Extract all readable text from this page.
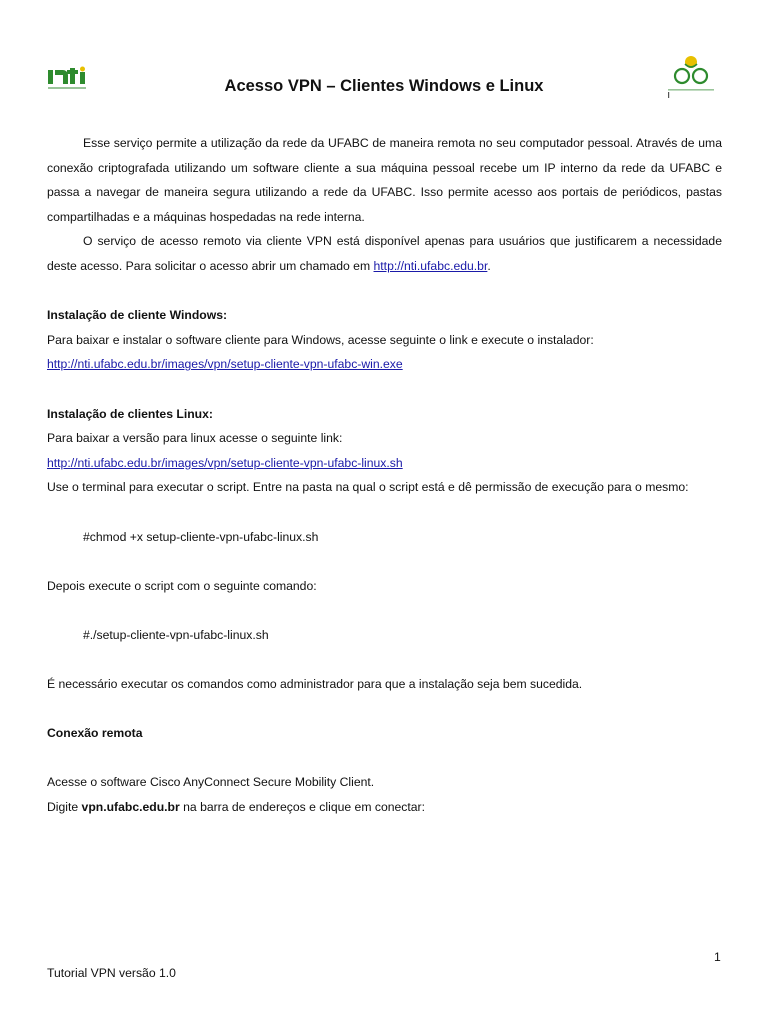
Acesso VPN – Clientes Windows e Linux

Esse serviço permite a utilização da rede da UFABC de maneira remota no seu computador pessoal. Através de uma conexão criptografada utilizando um software cliente a sua máquina pessoal recebe um IP interno da rede da UFABC e passa a navegar de maneira segura utilizando a rede da UFABC. Isso permite acesso aos portais de periódicos, pastas compartilhadas e a máquinas hospedadas na rede interna.

O serviço de acesso remoto via cliente VPN está disponível apenas para usuários que justificarem a necessidade deste acesso. Para solicitar o acesso abrir um chamado em http://nti.ufabc.edu.br.

Instalação de cliente Windows:

Para baixar e instalar o software cliente para Windows, acesse seguinte o link e execute o instalador:

http://nti.ufabc.edu.br/images/vpn/setup-cliente-vpn-ufabc-win.exe

Instalação de clientes Linux:

Para baixar a versão para linux acesse o seguinte link:

http://nti.ufabc.edu.br/images/vpn/setup-cliente-vpn-ufabc-linux.sh

Use o terminal para executar o script. Entre na pasta na qual o script está e dê permissão de execução para o mesmo:

#chmod +x setup-cliente-vpn-ufabc-linux.sh

Depois execute o script com o seguinte comando:

#./setup-cliente-vpn-ufabc-linux.sh

É necessário executar os comandos como administrador para que a instalação seja bem sucedida.

Conexão remota

Acesse o software Cisco AnyConnect Secure Mobility Client.

Digite vpn.ufabc.edu.br na barra de endereços e clique em conectar:

1
Tutorial VPN versão 1.0
